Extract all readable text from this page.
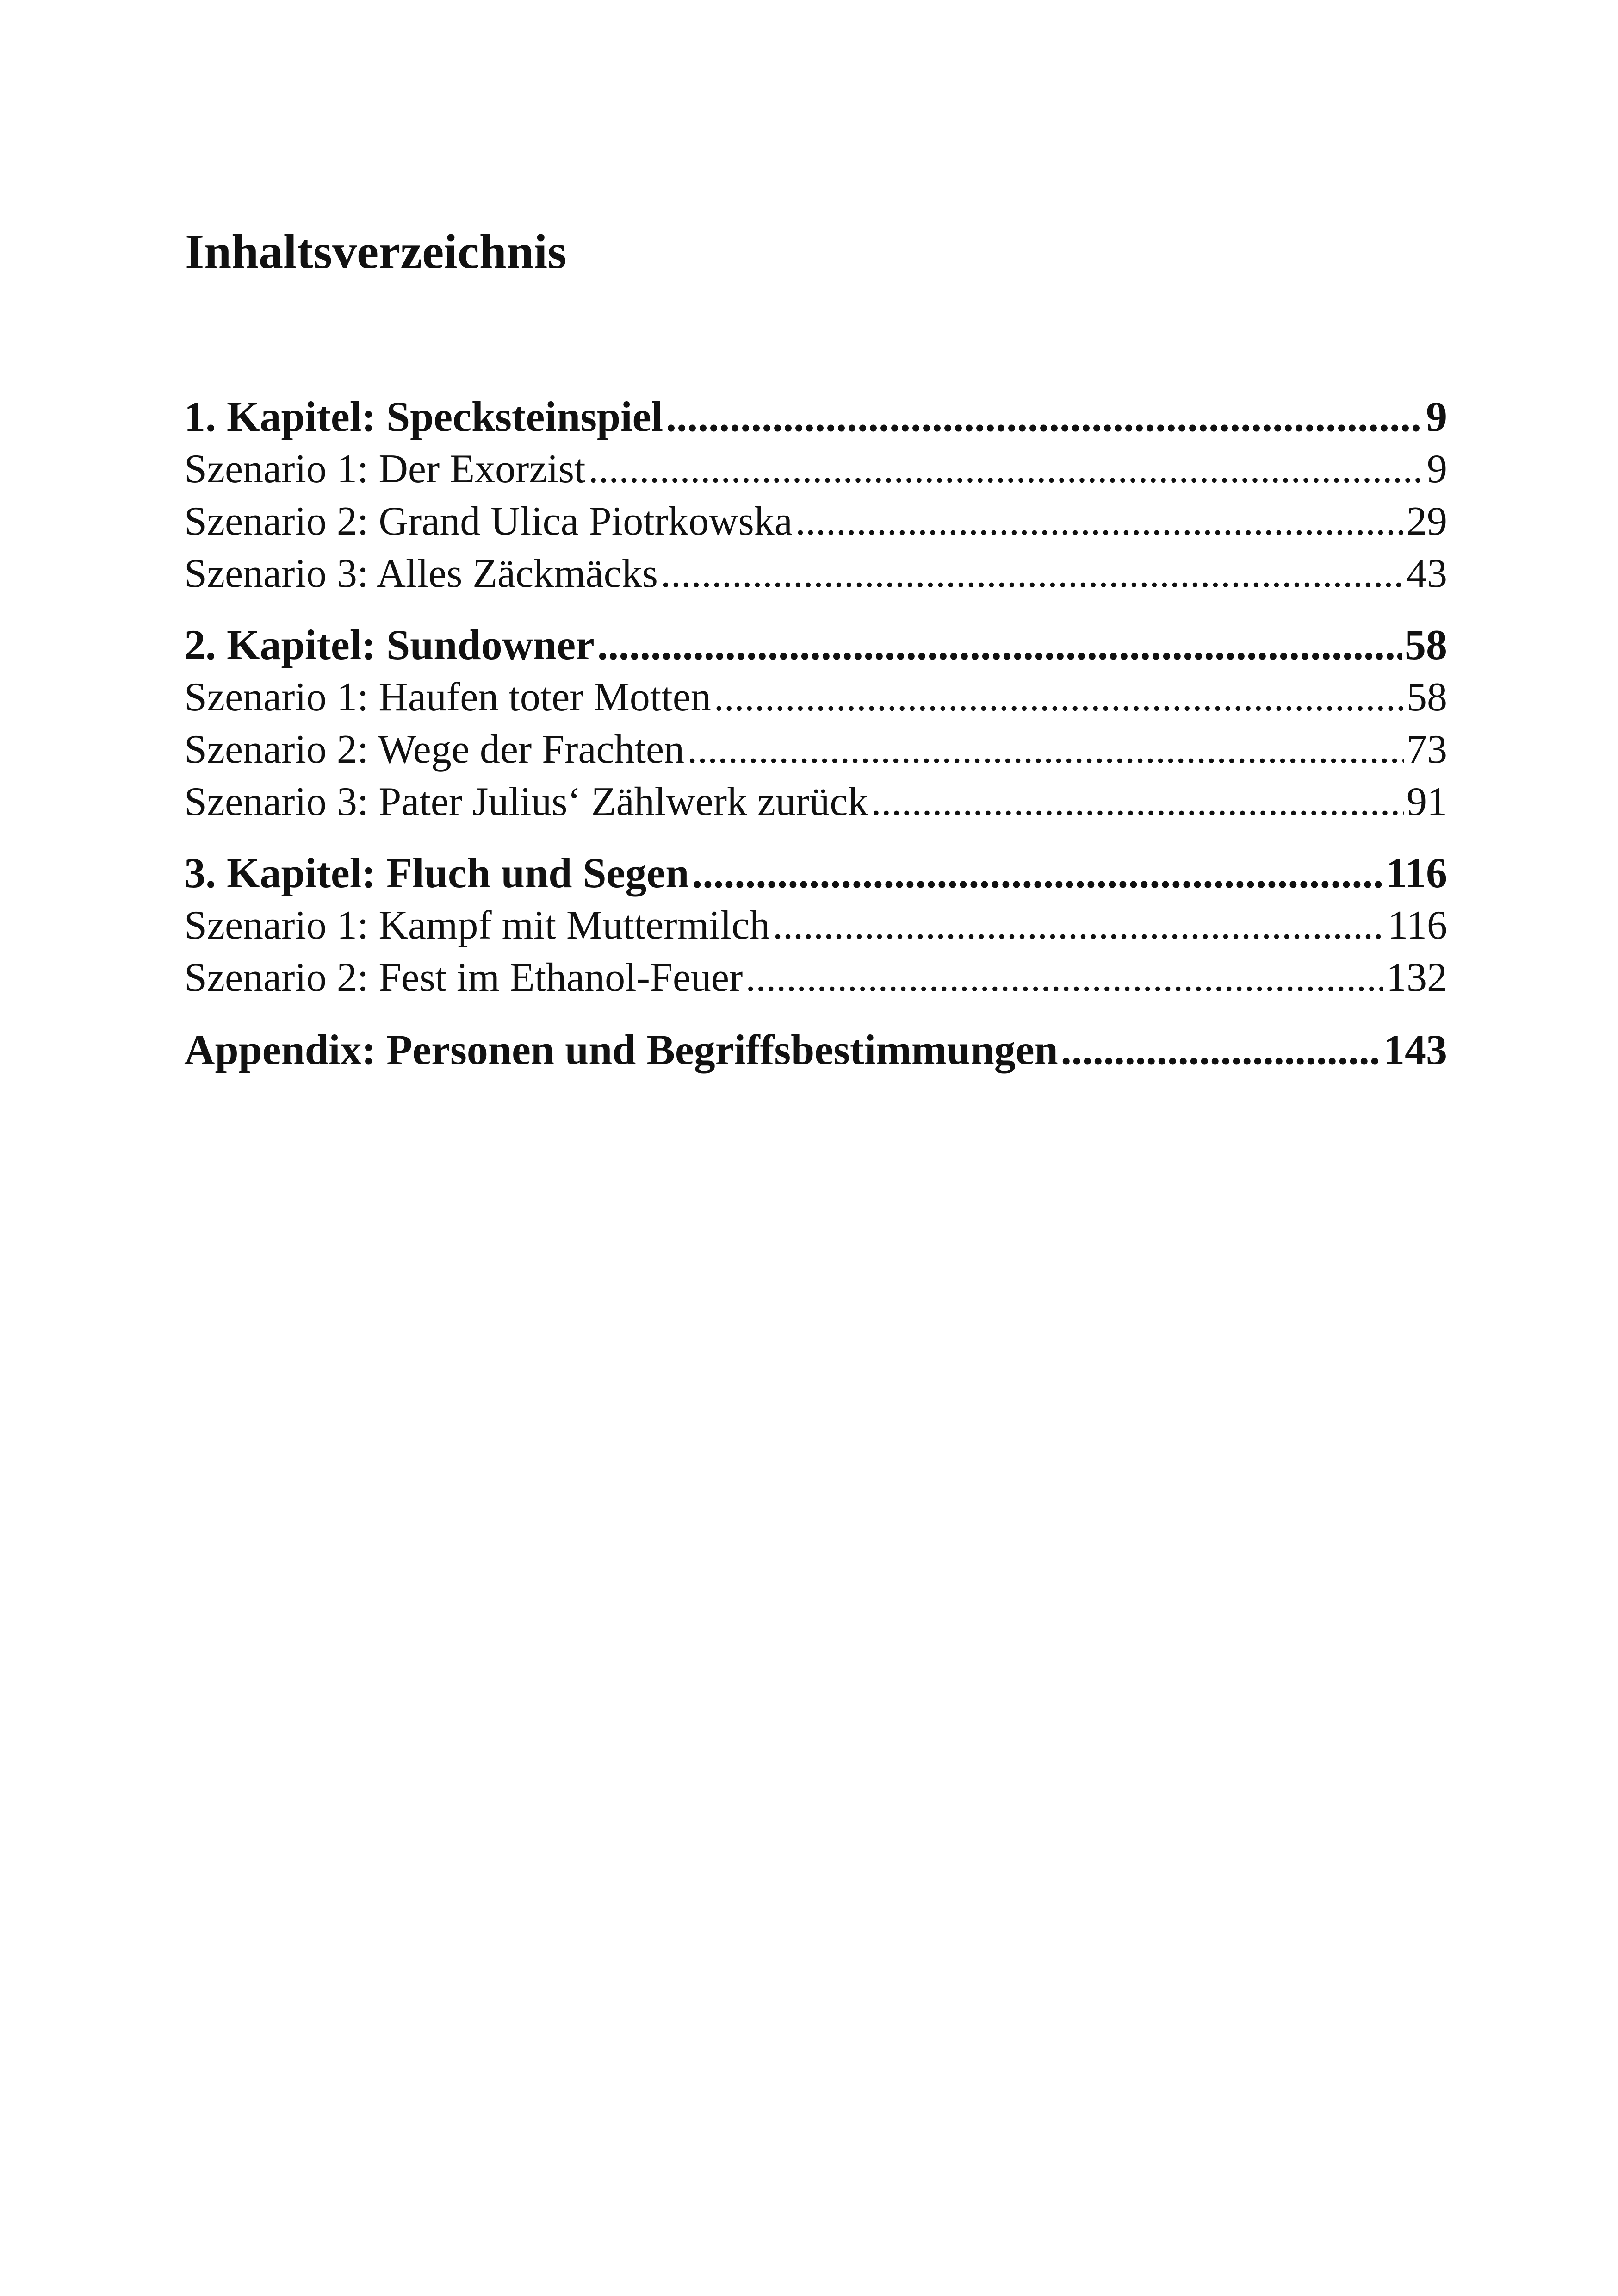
Inhaltsverzeichnis
1. Kapitel: Specksteinspiel .....	9
Szenario 1: Der Exorzist .....	9
Szenario 2: Grand Ulica Piotrkowska .....	29
Szenario 3: Alles Zäckmäcks .....	43
2. Kapitel: Sundowner .....	58
Szenario 1: Haufen toter Motten .....	58
Szenario 2: Wege der Frachten .....	73
Szenario 3: Pater Julius‘ Zählwerk zurück .....	91
3. Kapitel: Fluch und Segen .....	116
Szenario 1: Kampf mit Muttermilch .....	116
Szenario 2: Fest im Ethanol-Feuer .....	132
Appendix: Personen und Begriffsbestimmungen .....	143
